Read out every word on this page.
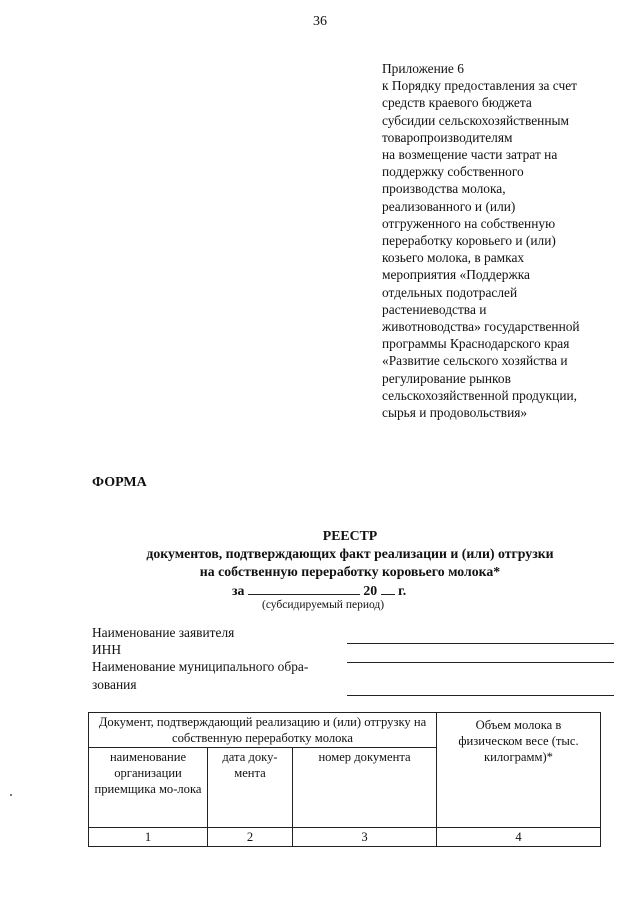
36
Приложение 6
к Порядку предоставления за счет
средств краевого бюджета
субсидии сельскохозяйственным
товаропроизводителям
на возмещение части затрат на
поддержку собственного
производства молока,
реализованного и (или)
отгруженного на собственную
переработку коровьего и (или)
козьего молока, в рамках
мероприятия «Поддержка
отдельных подотраслей
растениеводства и
животноводства» государственной
программы Краснодарского края
«Развитие сельского хозяйства и
регулирование рынков
сельскохозяйственной продукции,
сырья и продовольствия»
ФОРМА
РЕЕСТР
документов, подтверждающих факт реализации и (или) отгрузки
на собственную переработку коровьего молока*
за	20 г.
(субсидируемый период)
Наименование заявителя
ИНН
Наименование муниципального обра-
зования
Документ, подтверждающий реализацию и (или) отгрузку на собственную переработку молока			Объем молока в физическом весе (тыс. килограмм)*
наименование организации приемщика мо-лока	дата доку-мента	номер документа	
1	2	3	4
